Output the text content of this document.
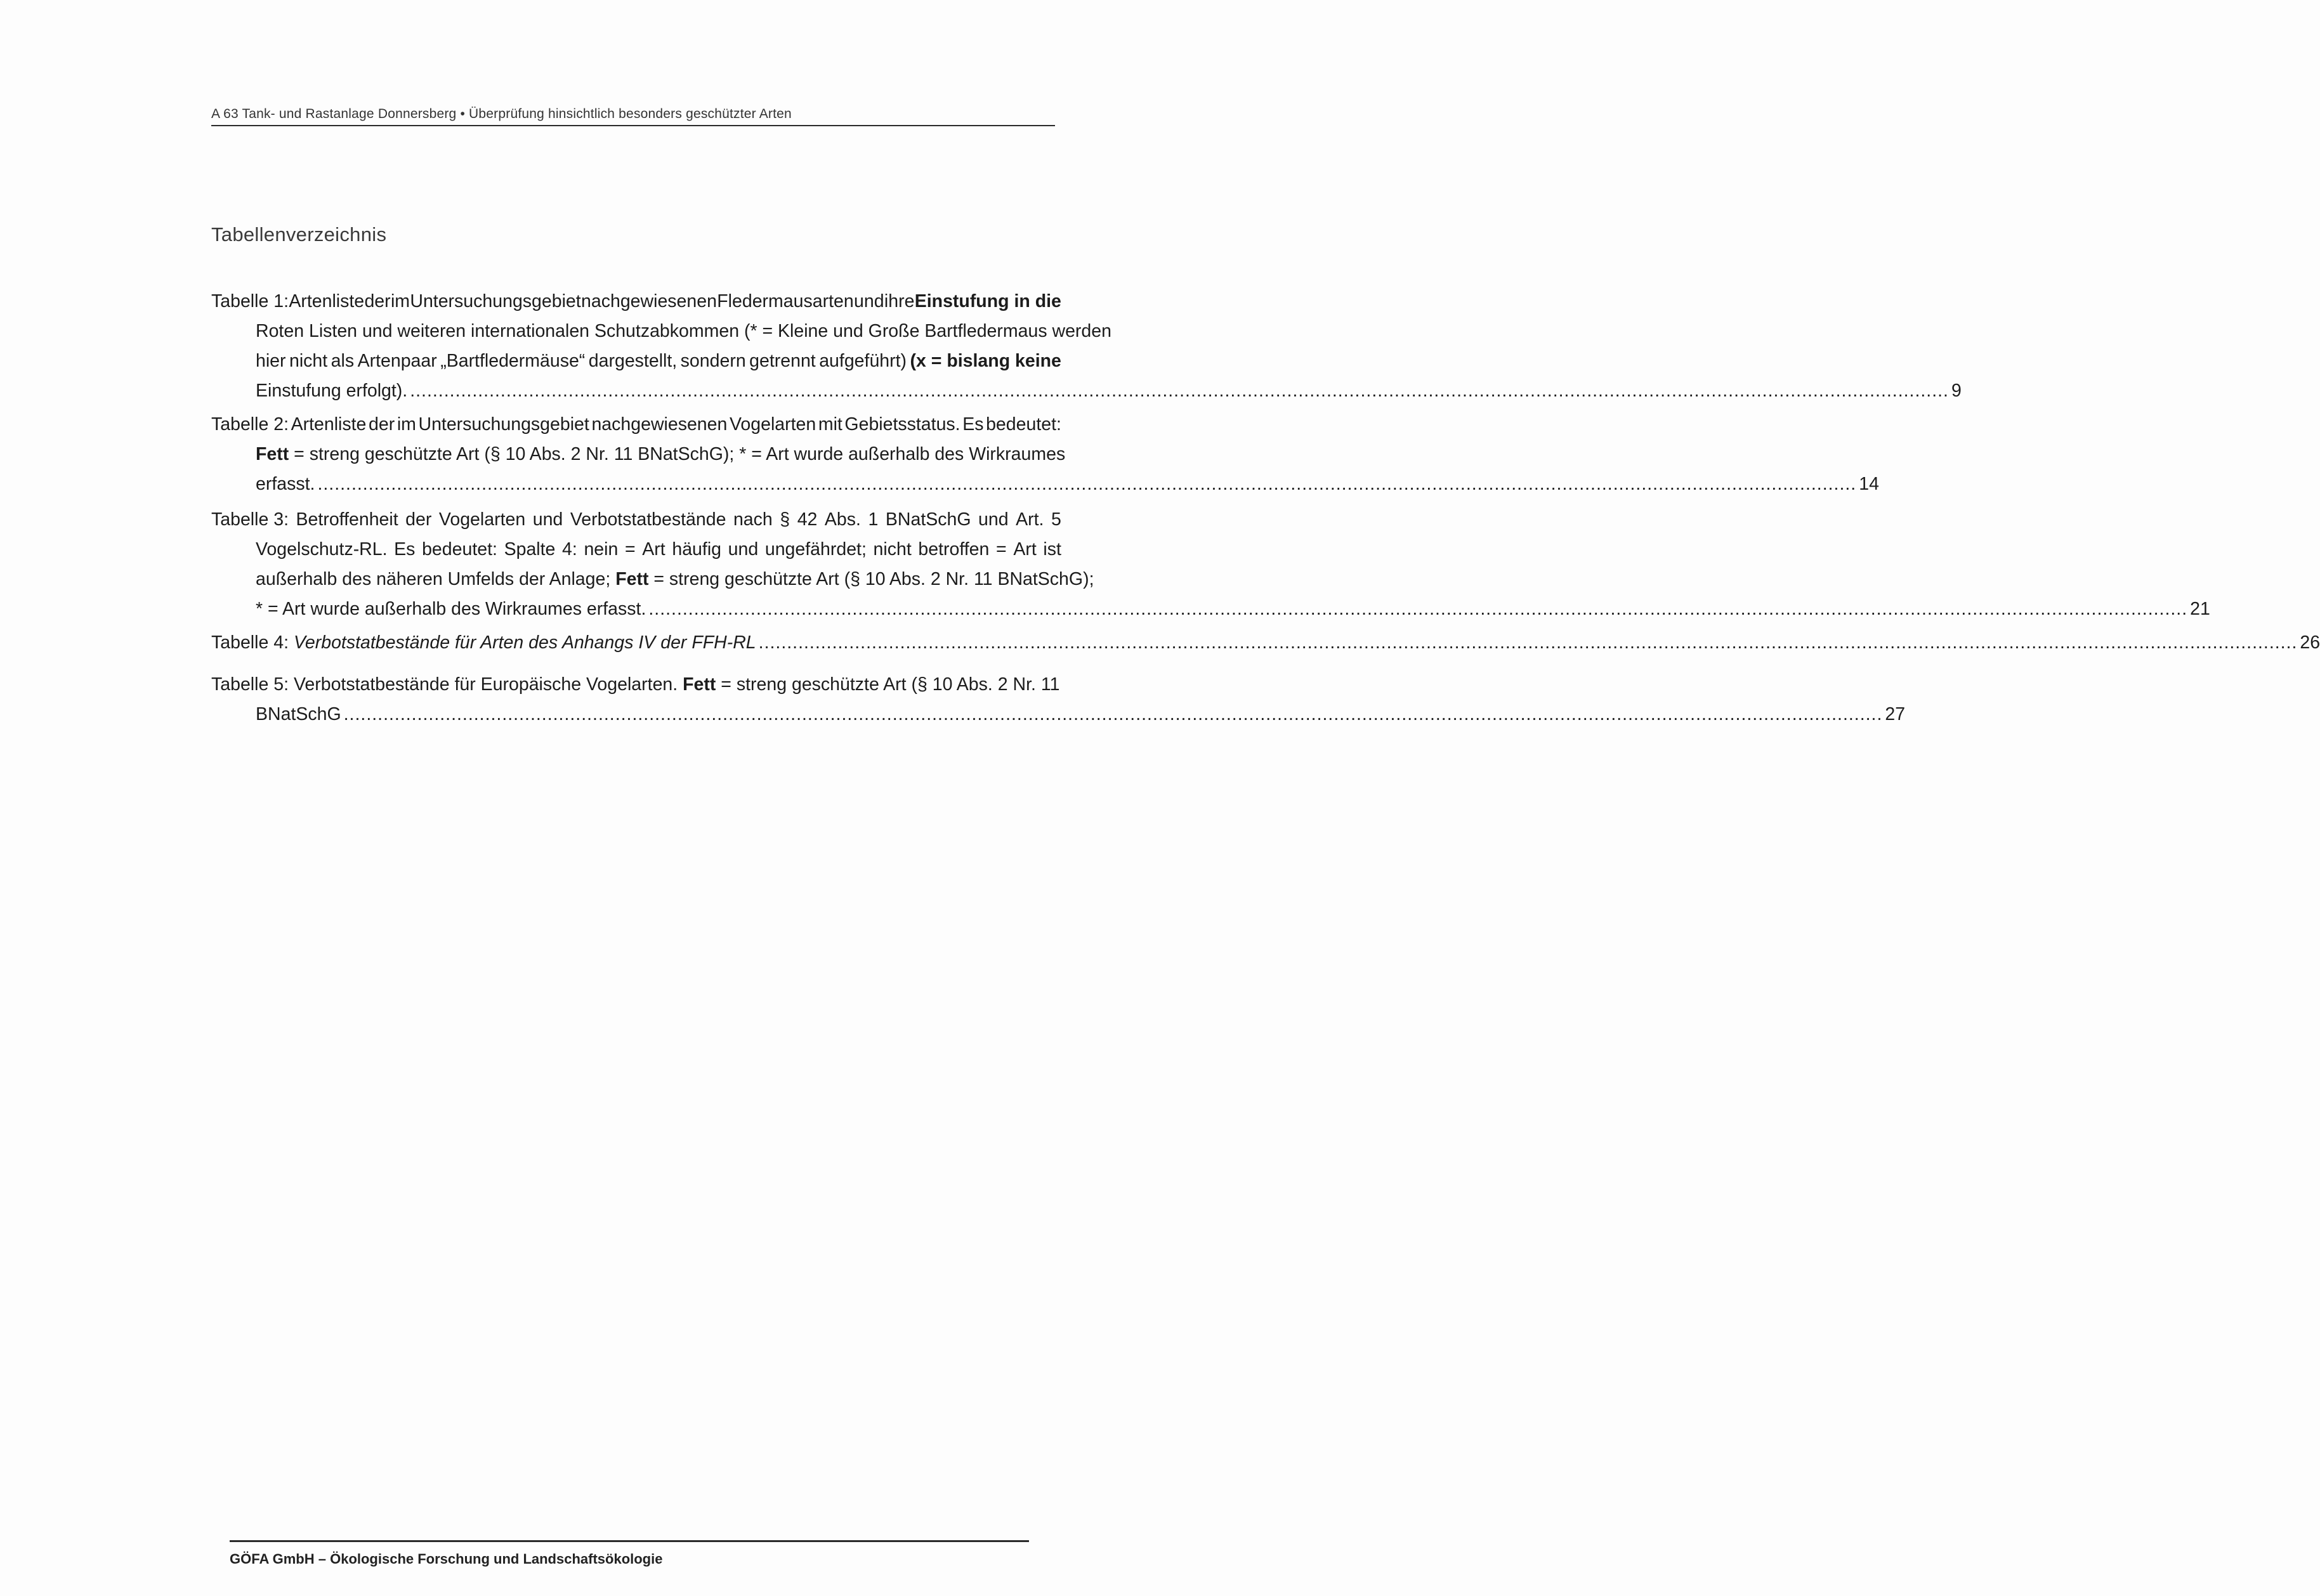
A 63 Tank- und Rastanlage Donnersberg • Überprüfung hinsichtlich besonders geschützter Arten
Tabellenverzeichnis
Tabelle 1: Artenliste der im Untersuchungsgebiet nachgewiesenen Fledermausarten und ihre Einstufung in die
Roten Listen und weiteren internationalen Schutzabkommen (* = Kleine und Große Bartfledermaus werden
hier nicht als Artenpaar „Bartfledermäuse“ dargestellt, sondern getrennt aufgeführt) (x = bislang keine
Einstufung erfolgt). ................................................................................................................................................................................................................................................................................ 9
Tabelle 2: Artenliste der im Untersuchungsgebiet nachgewiesenen Vogelarten mit Gebietsstatus. Es bedeutet:
Fett = streng geschützte Art (§ 10 Abs. 2 Nr. 11 BNatSchG); * = Art wurde außerhalb des Wirkraumes
erfasst. ................................................................................................................................................................................................................................................................................ 14
Tabelle 3: Betroffenheit der Vogelarten und Verbotstatbestände nach § 42 Abs. 1 BNatSchG und Art. 5
Vogelschutz-RL. Es bedeutet: Spalte 4: nein = Art häufig und ungefährdet; nicht betroffen = Art ist
außerhalb des näheren Umfelds der Anlage; Fett = streng geschützte Art (§ 10 Abs. 2 Nr. 11 BNatSchG);
* = Art wurde außerhalb des Wirkraumes erfasst. ................................................................................................................................................................................................................................................................................ 21
Tabelle 4:
Verbotstatbestände für Arten des Anhangs IV der FFH-RL ................................................................................................................................................................................................................................................................................ 26
Tabelle 5: Verbotstatbestände für Europäische Vogelarten. Fett = streng geschützte Art (§ 10 Abs. 2 Nr. 11
BNatSchG ................................................................................................................................................................................................................................................................................ 27
GÖFA GmbH – Ökologische Forschung und Landschaftsökologie
